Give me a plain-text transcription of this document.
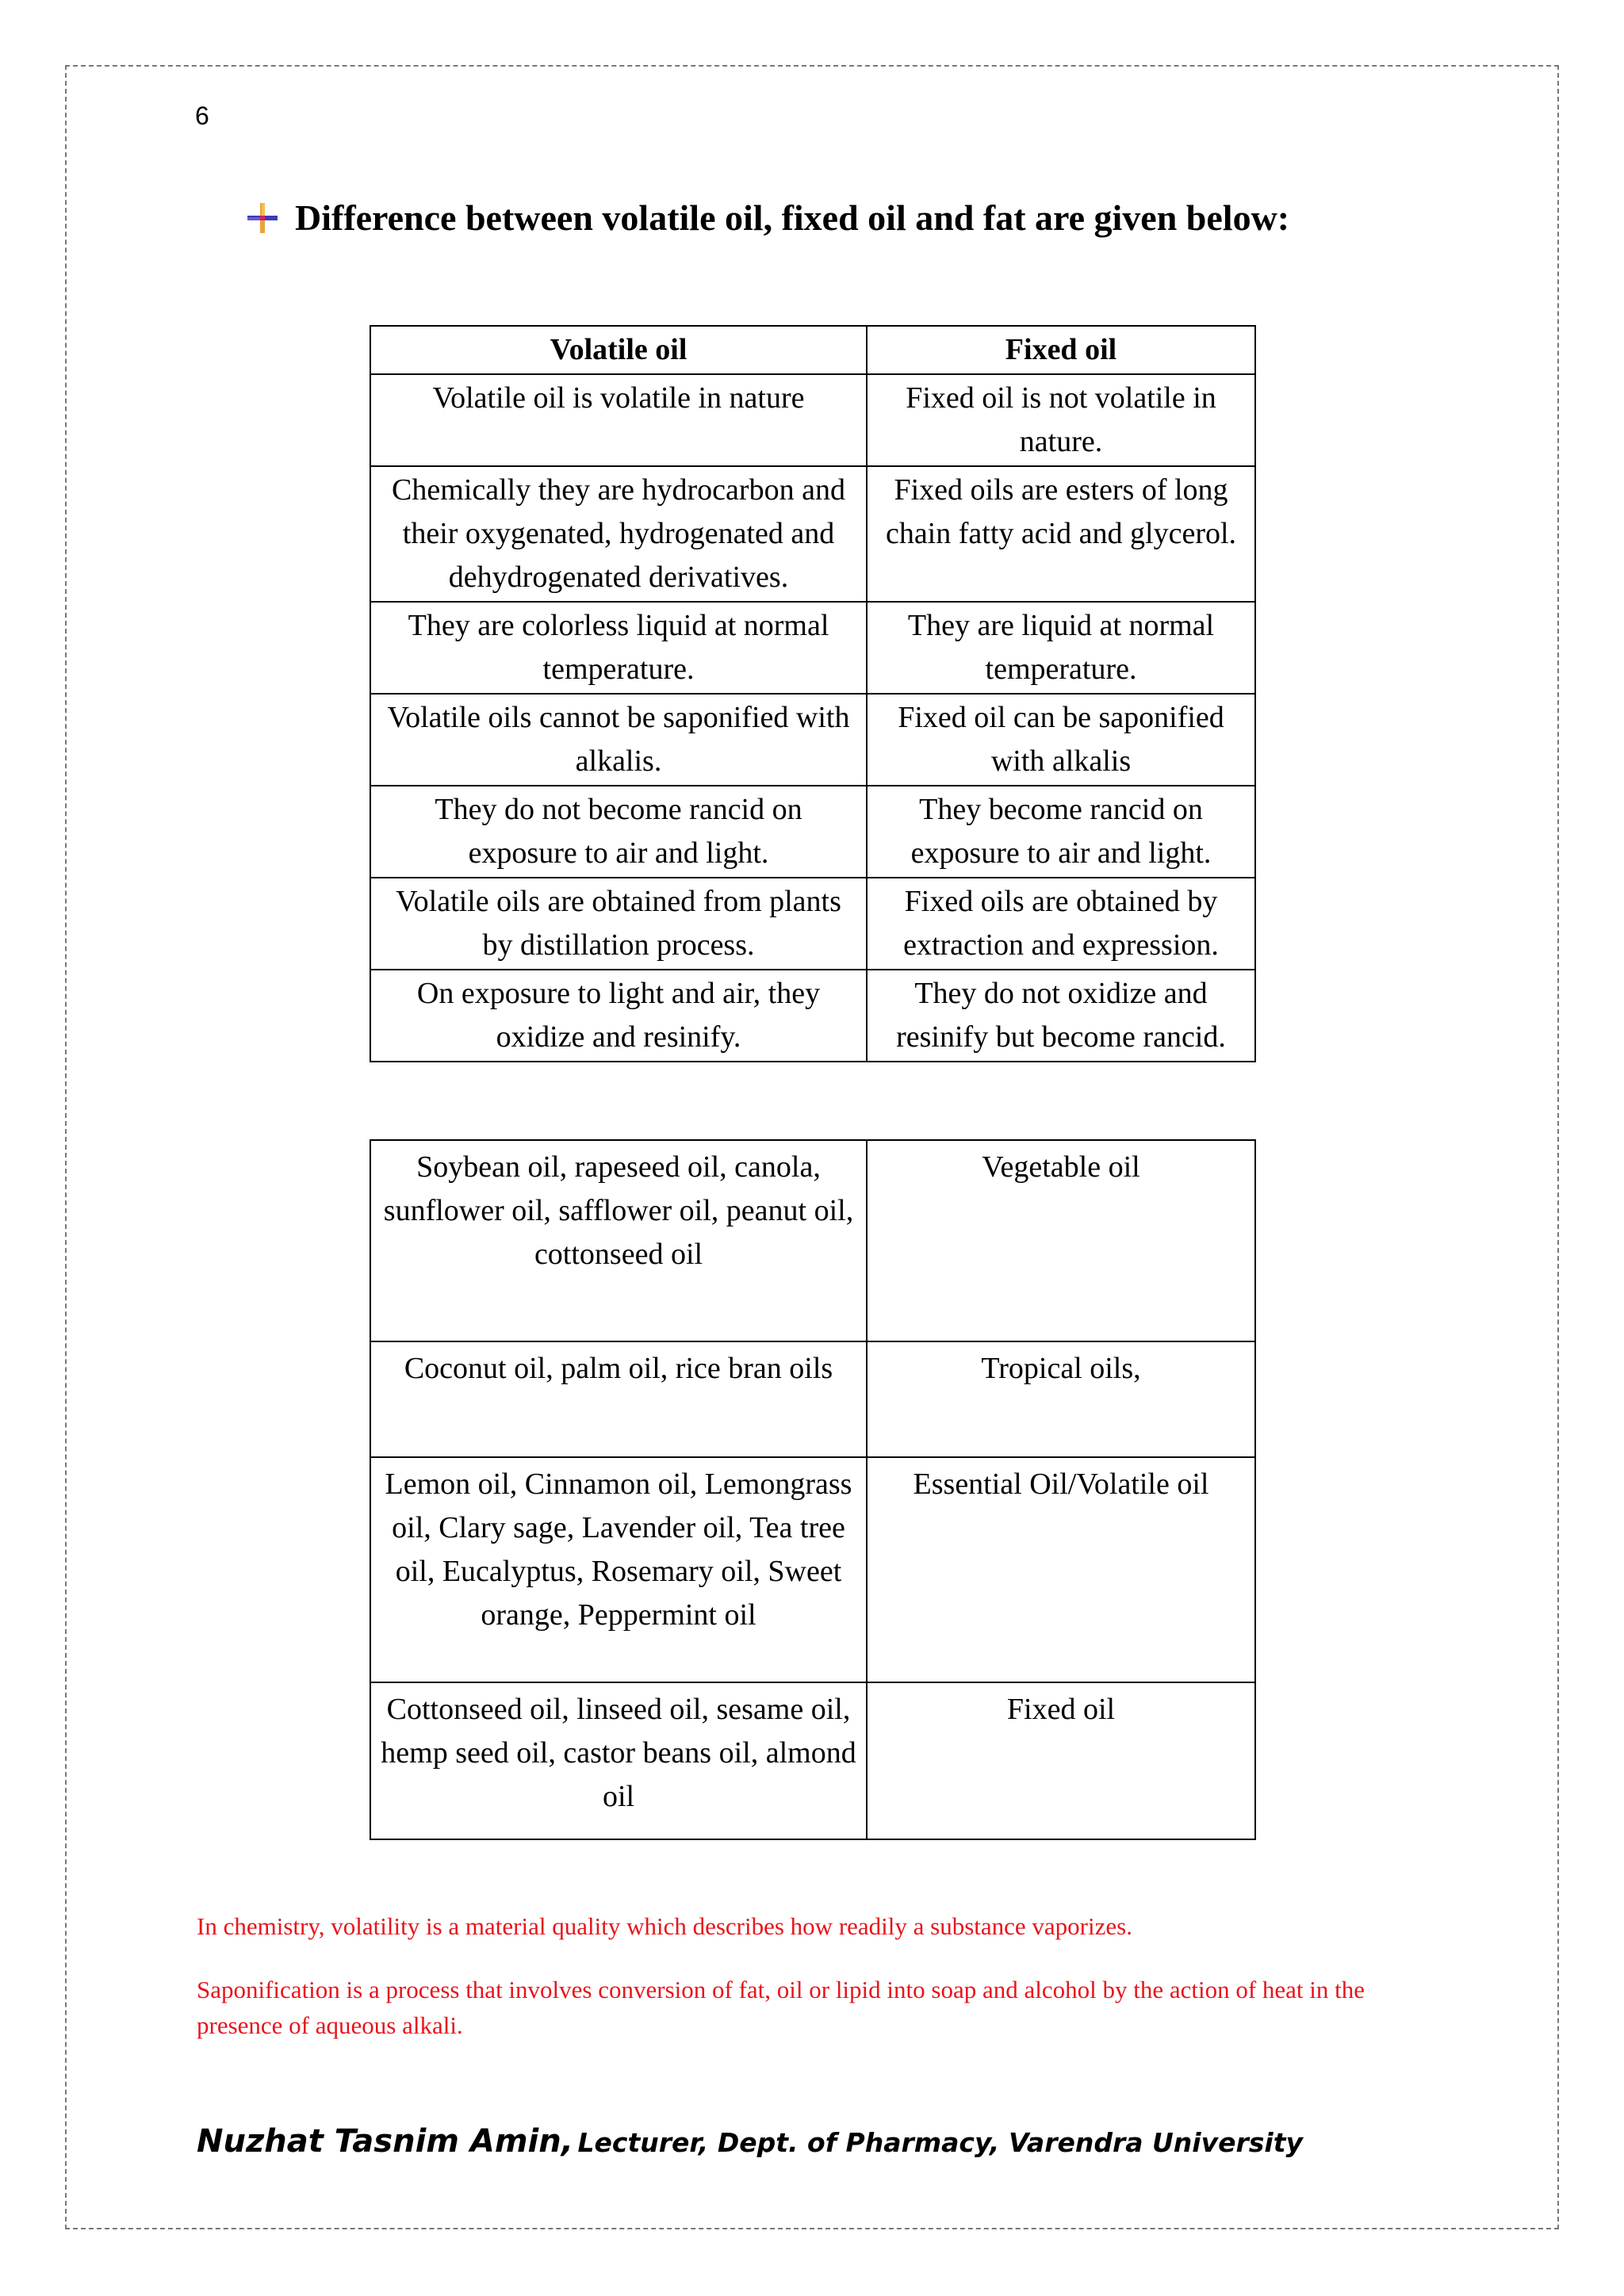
6
Difference between volatile oil, fixed oil and fat are given below:
Volatile oil	Fixed oil
Volatile oil is volatile in nature	Fixed oil is not volatile in nature.
Chemically they are hydrocarbon and their oxygenated, hydrogenated and dehydrogenated derivatives.	Fixed oils are esters of long chain fatty acid and glycerol.
They are colorless liquid at normal temperature.	They are liquid at normal temperature.
Volatile oils cannot be saponified with alkalis.	Fixed oil can be saponified with alkalis
They do not become rancid on exposure to air and light.	They become rancid on exposure to air and light.
Volatile oils are obtained from plants by distillation process.	Fixed oils are obtained by extraction and expression.
On exposure to light and air, they oxidize and resinify.	They do not oxidize and resinify but become rancid.
Soybean oil, rapeseed oil, canola, sunflower oil, safflower oil, peanut oil, cottonseed oil	Vegetable oil
Coconut oil, palm oil, rice bran oils	Tropical oils,
Lemon oil, Cinnamon oil, Lemongrass oil, Clary sage, Lavender oil, Tea tree oil, Eucalyptus, Rosemary oil, Sweet orange, Peppermint oil	Essential Oil/Volatile oil
Cottonseed oil, linseed oil, sesame oil, hemp seed oil, castor beans oil, almond oil	Fixed oil
In chemistry, volatility is a material quality which describes how readily a substance vaporizes.
Saponification is a process that involves conversion of fat, oil or lipid into soap and alcohol by the action of heat in the presence of aqueous alkali.
Nuzhat Tasnim Amin, Lecturer, Dept. of Pharmacy, Varendra University
